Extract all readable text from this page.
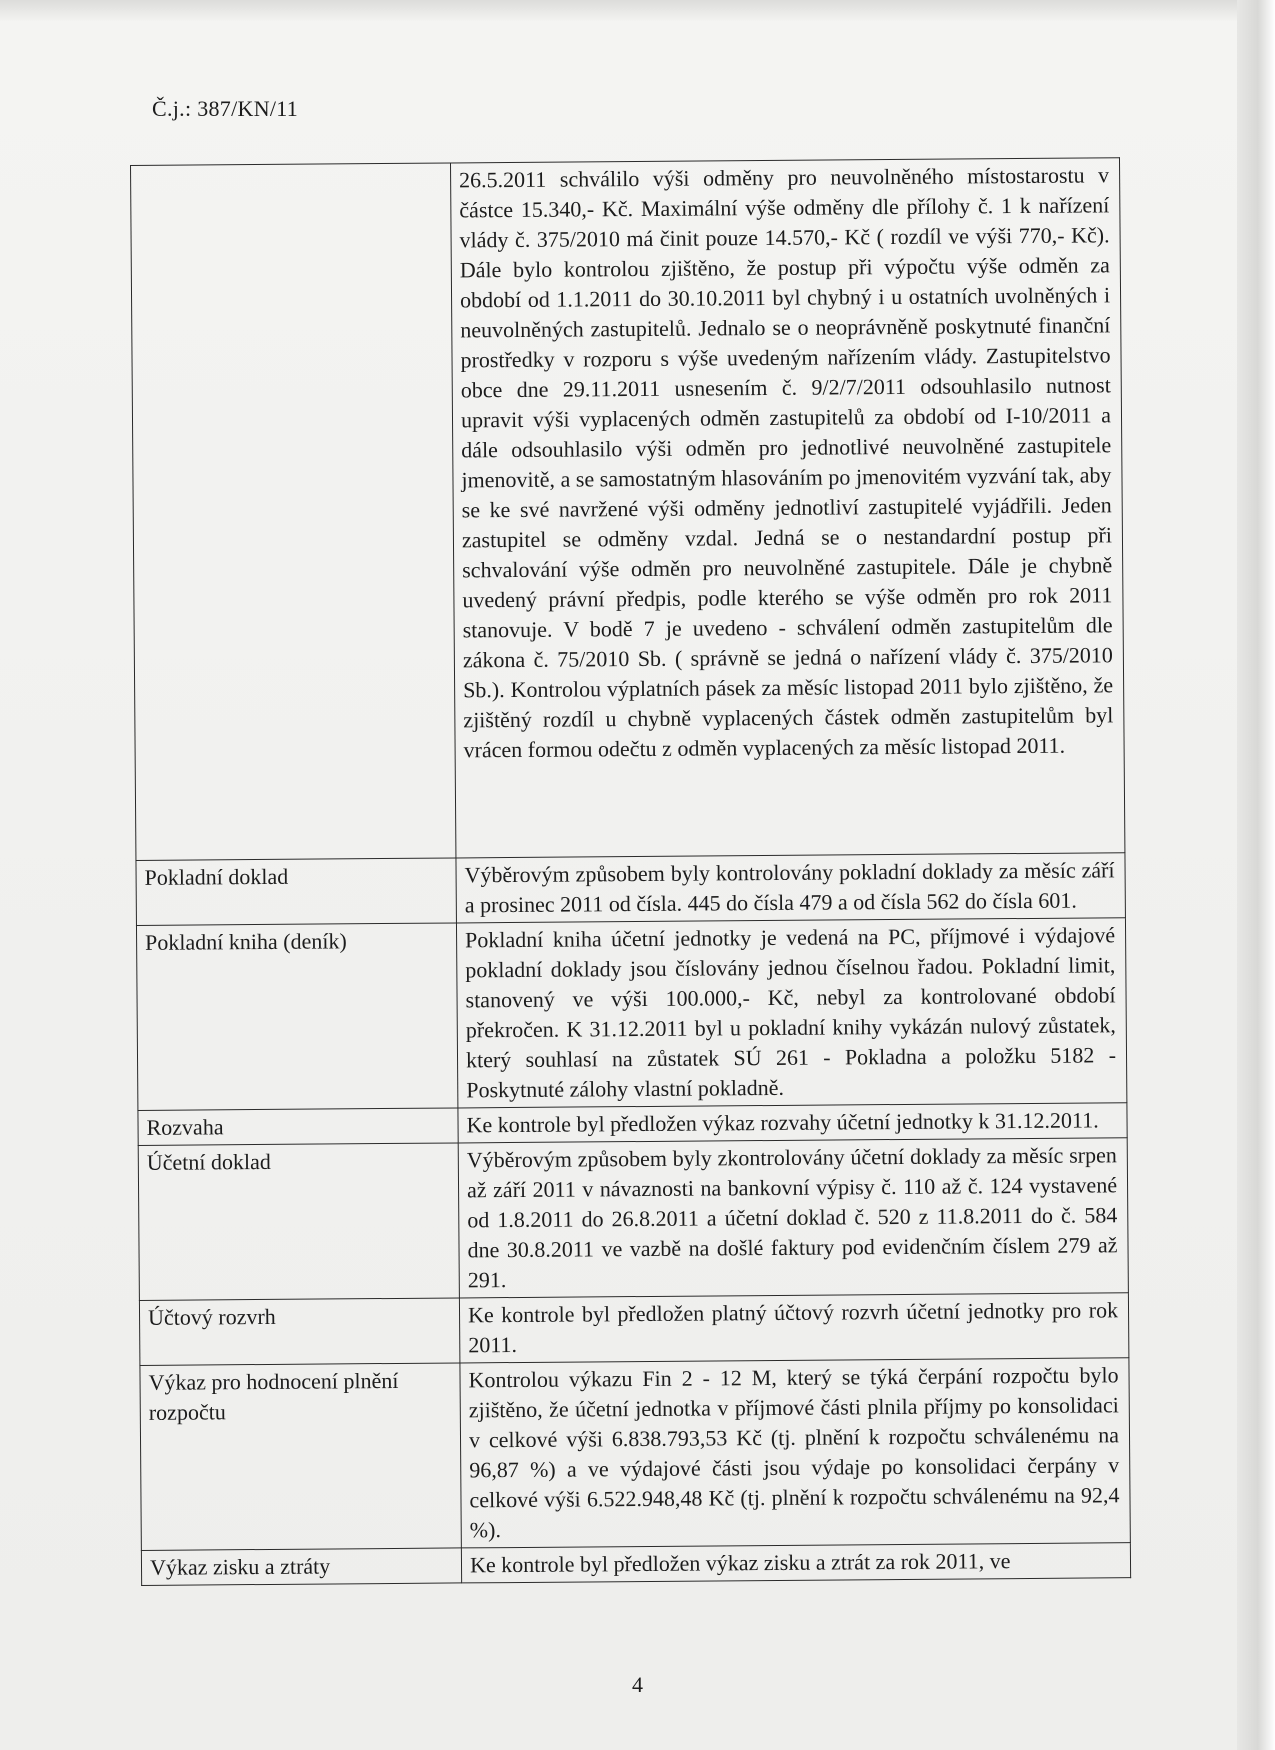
Č.j.: 387/KN/11
	26.5.2011 schválilo výši odměny pro neuvolněného místostarostu v částce 15.340,- Kč. Maximální výše odměny dle přílohy č. 1 k nařízení vlády č. 375/2010 má činit pouze 14.570,- Kč ( rozdíl ve výši 770,- Kč). Dále bylo kontrolou zjištěno, že postup při výpočtu výše odměn za období od 1.1.2011 do 30.10.2011 byl chybný i u ostatních uvolněných i neuvolněných zastupitelů. Jednalo se o neoprávněně poskytnuté finanční prostředky v rozporu s výše uvedeným nařízením vlády. Zastupitelstvo obce dne 29.11.2011 usnesením č. 9/2/7/2011 odsouhlasilo nutnost upravit výši vyplacených odměn zastupitelů za období od I-10/2011 a dále odsouhlasilo výši odměn pro jednotlivé neuvolněné zastupitele jmenovitě, a se samostatným hlasováním po jmenovitém vyzvání tak, aby se ke své navržené výši odměny jednotliví zastupitelé vyjádřili. Jeden zastupitel se odměny vzdal. Jedná se o nestandardní postup při schvalování výše odměn pro neuvolněné zastupitele. Dále je chybně uvedený právní předpis, podle kterého se výše odměn pro rok 2011 stanovuje. V bodě 7 je uvedeno - schválení odměn zastupitelům dle zákona č. 75/2010 Sb. ( správně se jedná o nařízení vlády č. 375/2010 Sb.). Kontrolou výplatních pásek za měsíc listopad 2011 bylo zjištěno, že zjištěný rozdíl u chybně vyplacených částek odměn zastupitelům byl vrácen formou odečtu z odměn vyplacených za měsíc listopad 2011.
Pokladní doklad	Výběrovým způsobem byly kontrolovány pokladní doklady za měsíc září a prosinec 2011 od čísla. 445 do čísla 479 a od čísla 562 do čísla 601.
Pokladní kniha (deník)	Pokladní kniha účetní jednotky je vedená na PC, příjmové i výdajové pokladní doklady jsou číslovány jednou číselnou řadou. Pokladní limit, stanovený ve výši 100.000,- Kč, nebyl za kontrolované období překročen. K 31.12.2011 byl u pokladní knihy vykázán nulový zůstatek, který souhlasí na zůstatek SÚ 261 - Pokladna a položku 5182 - Poskytnuté zálohy vlastní pokladně.
Rozvaha	Ke kontrole byl předložen výkaz rozvahy účetní jednotky k 31.12.2011.
Účetní doklad	Výběrovým způsobem byly zkontrolovány účetní doklady za měsíc srpen až září 2011 v návaznosti na bankovní výpisy č. 110 až č. 124 vystavené od 1.8.2011 do 26.8.2011 a účetní doklad č. 520 z 11.8.2011 do č. 584 dne 30.8.2011 ve vazbě na došlé faktury pod evidenčním číslem 279 až 291.
Účtový rozvrh	Ke kontrole byl předložen platný účtový rozvrh účetní jednotky pro rok 2011.
Výkaz pro hodnocení plnění rozpočtu	Kontrolou výkazu Fin 2 - 12 M, který se týká čerpání rozpočtu bylo zjištěno, že účetní jednotka v příjmové části plnila příjmy po konsolidaci v celkové výši 6.838.793,53 Kč (tj. plnění k rozpočtu schválenému na 96,87 %) a ve výdajové části jsou výdaje po konsolidaci čerpány v celkové výši 6.522.948,48 Kč (tj. plnění k rozpočtu schválenému na 92,4 %).
Výkaz zisku a ztráty	Ke kontrole byl předložen výkaz zisku a ztrát za rok 2011, ve
4
